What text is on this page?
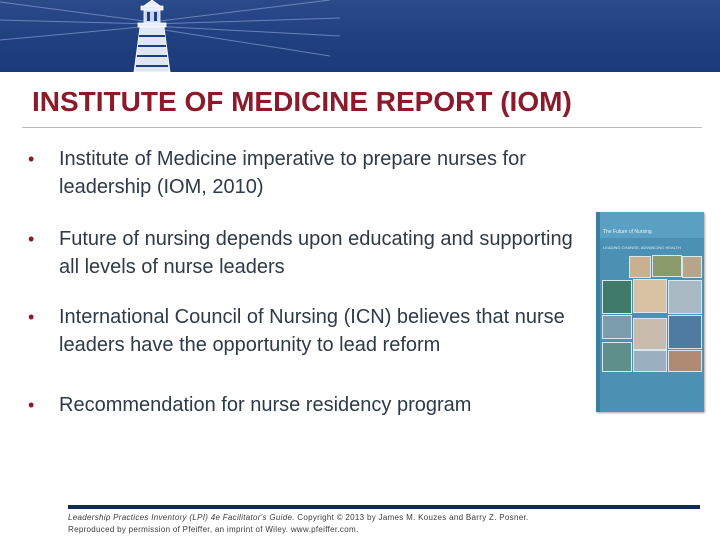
INSTITUTE OF MEDICINE REPORT (IOM)
• Institute of Medicine imperative to prepare nurses for leadership (IOM, 2010)
• Future of nursing depends upon educating and supporting all levels of nurse leaders
• International Council of Nursing (ICN) believes that nurse leaders have the opportunity to lead reform
• Recommendation for nurse residency program
The Future of Nursing
LEADING CHANGE, ADVANCING HEALTH
Leadership Practices Inventory (LPI) 4e Facilitator's Guide. Copyright © 2013 by James M. Kouzes and Barry Z. Posner.
Reproduced by permission of Pfeiffer, an imprint of Wiley. www.pfeiffer.com.
